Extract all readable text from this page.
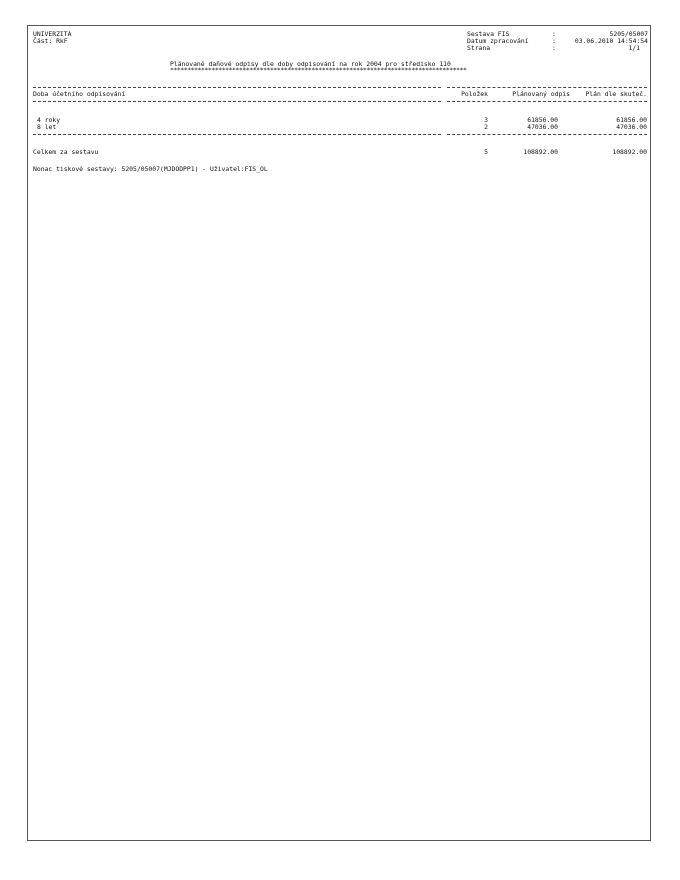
UNIVERZITA
Část: RkF
Sestava FIS	:	5205/05007
Datum zpracování	:	03.06.2010 14:54:54
Strana	:	1/1
Plánované daňové odpisy dle doby odpisování na rok 2004 pro středisko 110
**************************************************************************************
Doba účetního odpisování	Položek	Plánovaný odpis	Plán dle skuteč.
4 roky	3	61856.00	61856.00
8 let	2	47036.00	47036.00
Celkem za sestavu	5	108892.00	108892.00
Nonac tiskové sestavy: 5205/05007(MJDODPP1) - Uživatel:FIS_OL
